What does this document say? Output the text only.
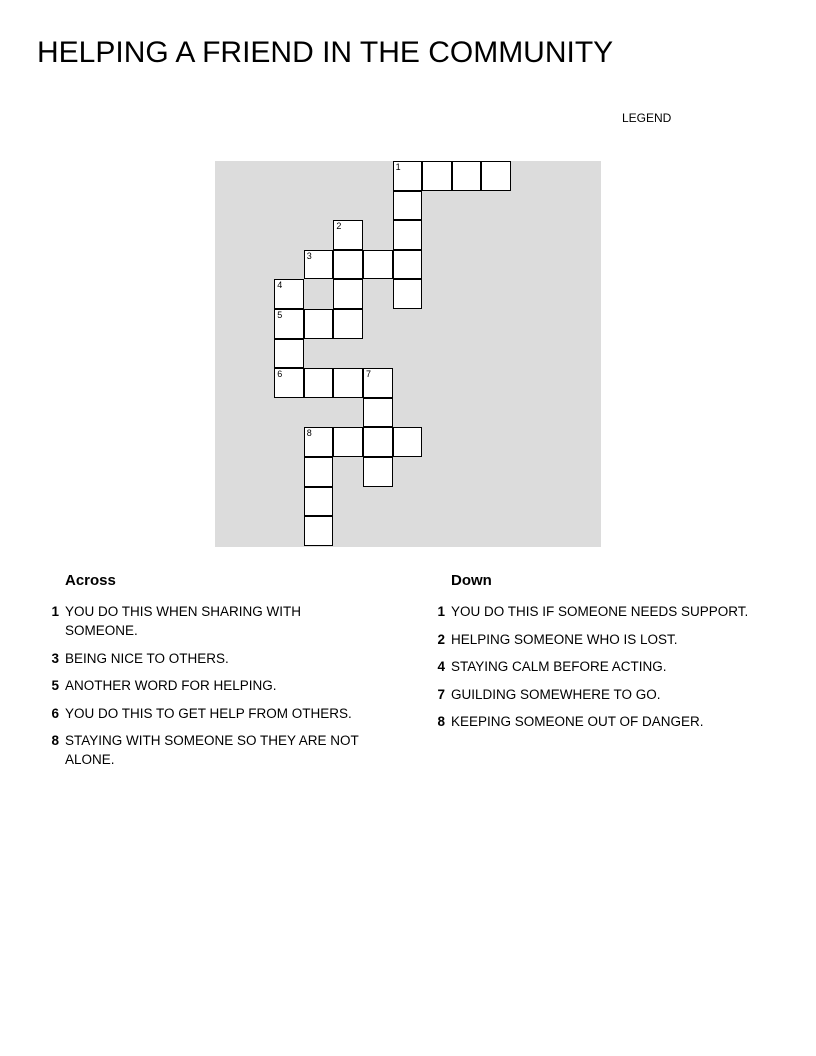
HELPING A FRIEND IN THE COMMUNITY
LEGEND
1
2
3
4
5
6	7
8
Across
1 YOU DO THIS WHEN SHARING WITH SOMEONE.
3 BEING NICE TO OTHERS.
5 ANOTHER WORD FOR HELPING.
6 YOU DO THIS TO GET HELP FROM OTHERS.
8 STAYING WITH SOMEONE SO THEY ARE NOT ALONE.
Down
1 YOU DO THIS IF SOMEONE NEEDS SUPPORT.
2 HELPING SOMEONE WHO IS LOST.
4 STAYING CALM BEFORE ACTING.
7 GUILDING SOMEWHERE TO GO.
8 KEEPING SOMEONE OUT OF DANGER.
